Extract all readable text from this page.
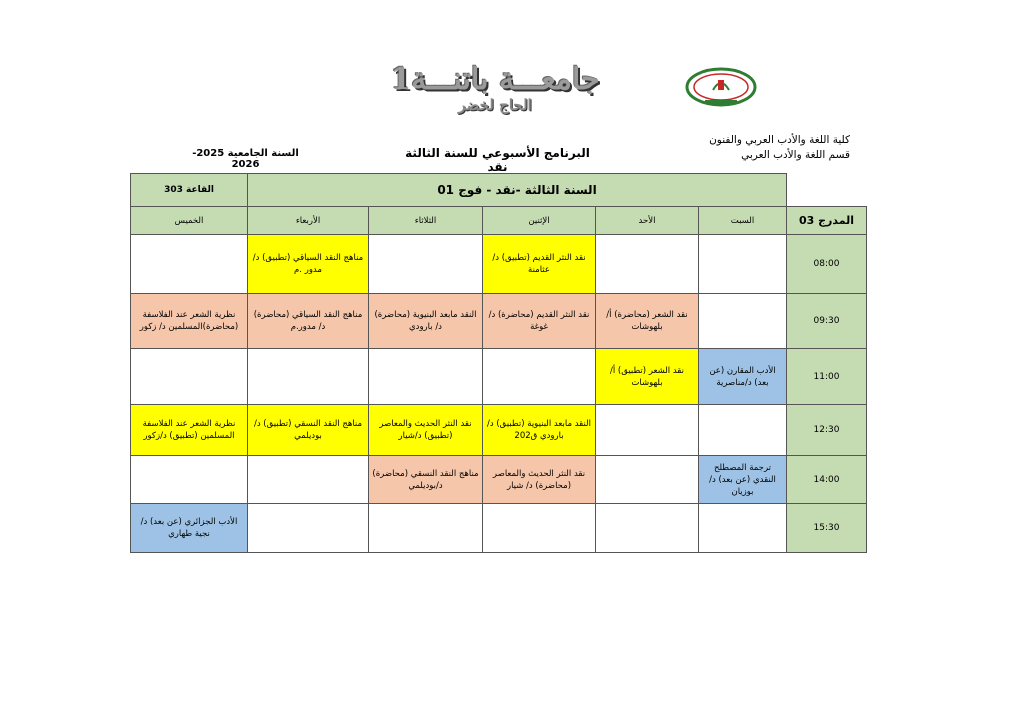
جامعـــة باتنـــة1
الحاج لخضر
كلية اللغة والأدب العربي والفنون
قسم اللغة والأدب العربي
البرنامج الأسبوعي للسنة الثالثة نقد
السنة الجامعية 2025-2026
	السنة الثالثة -نقد - فوج 01					القاعة 303
المدرج 03	السبت	الأحد	الإثنين	الثلاثاء	الأربعاء	الخميس
08:00			نقد النثر القديم (تطبيق) د/عثامنة		مناهج النقد السياقي (تطبيق) د/ مدور .م	
09:30		نقد الشعر (محاضرة) أ/ بلهوشات	نقد النثر القديم (محاضرة) د/ غوغة	النقد مابعد البنيوية (محاضرة) د/ بارودي	مناهج النقد السياقي (محاضرة) د/ مدور.م	نظرية الشعر عند الفلاسفة (محاضرة)المسلمين د/ زكور
11:00	الأدب المقارن (عن بعد) د/مناصرية	نقد الشعر (تطبيق) أ/بلهوشات				
12:30			النقد مابعد البنيوية (تطبيق) د/بارودي ق202	نقد النثر الحديث والمعاصر (تطبيق) د/شيار	مناهج النقد النسقي (تطبيق) د/بوديلمي	نظرية الشعر عند الفلاسفة المسلمين (تطبيق) د/زكور
14:00	ترجمة المصطلح النقدي (عن بعد) د/ بوزيان		نقد النثر الحديث والمعاصر (محاضرة) د/ شيار	مناهج النقد النسقي (محاضرة) د/بوديلمي		
15:30						الأدب الجزائري (عن بعد) د/ نجية طهاري
